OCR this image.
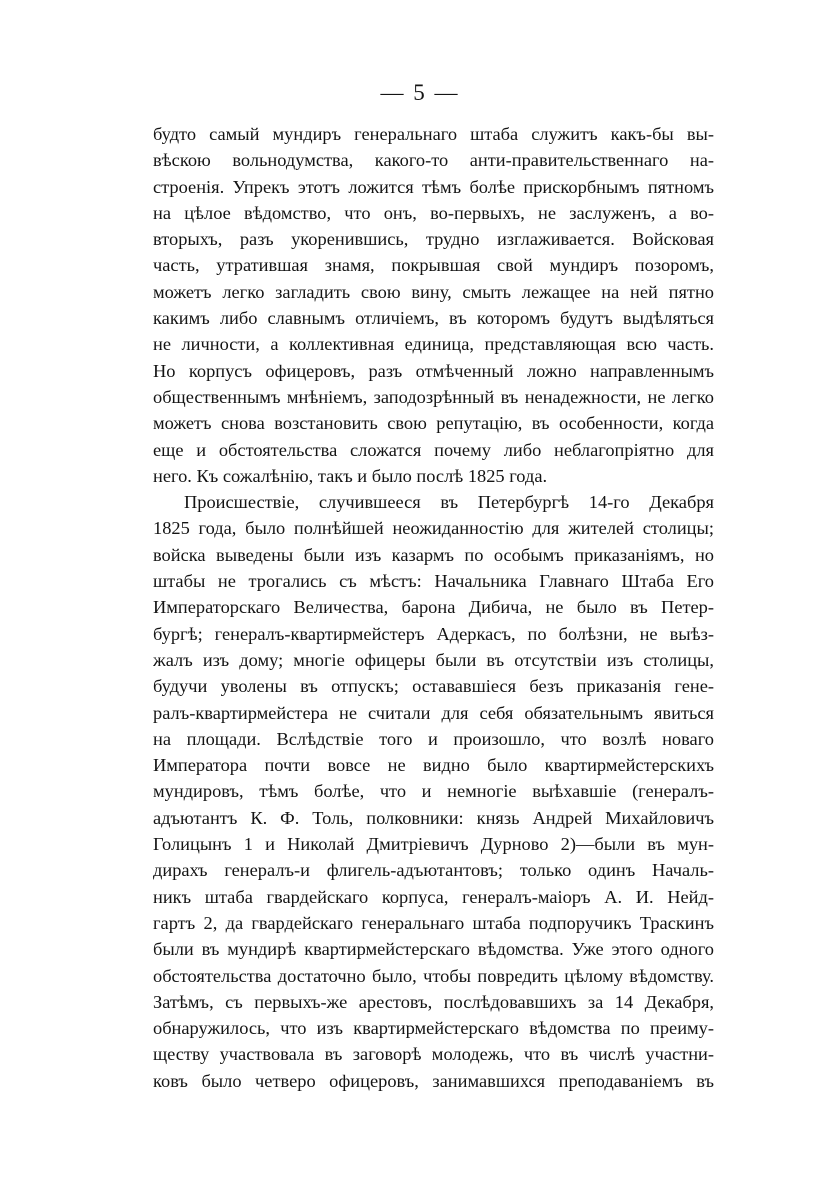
— 5 —
будто самый мундиръ генеральнаго штаба служитъ какъ-бы вы-
вѣскою вольнодумства, какого-то анти-правительственнаго на-
строенія. Упрекъ этотъ ложится тѣмъ болѣе прискорбнымъ пятномъ
на цѣлое вѣдомство, что онъ, во-первыхъ, не заслуженъ, а во-
вторыхъ, разъ укоренившись, трудно изглаживается. Войсковая
часть, утратившая знамя, покрывшая свой мундиръ позоромъ,
можетъ легко загладить свою вину, смыть лежащее на ней пятно
какимъ либо славнымъ отличіемъ, въ которомъ будутъ выдѣляться
не личности, а коллективная единица, представляющая всю часть.
Но корпусъ офицеровъ, разъ отмѣченный ложно направленнымъ
общественнымъ мнѣніемъ, заподозрѣнный въ ненадежности, не легко
можетъ снова возстановить свою репутацію, въ особенности, когда
еще и обстоятельства сложатся почему либо неблагопріятно для
него. Къ сожалѣнію, такъ и было послѣ 1825 года.
Происшествіе, случившееся въ Петербургѣ 14-го Декабря
1825 года, было полнѣйшей неожиданностію для жителей столицы;
войска выведены были изъ казармъ по особымъ приказаніямъ, но
штабы не трогались съ мѣстъ: Начальника Главнаго Штаба Его
Императорскаго Величества, барона Дибича, не было въ Петер-
бургѣ; генералъ-квартирмейстеръ Адеркасъ, по болѣзни, не выѣз-
жалъ изъ дому; многіе офицеры были въ отсутствіи изъ столицы,
будучи уволены въ отпускъ; остававшіеся безъ приказанія гене-
ралъ-квартирмейстера не считали для себя обязательнымъ явиться
на площади. Вслѣдствіе того и произошло, что возлѣ новаго
Императора почти вовсе не видно было квартирмейстерскихъ
мундировъ, тѣмъ болѣе, что и немногіе выѣхавшіе (генералъ-
адъютантъ К. Ф. Толь, полковники: князь Андрей Михайловичъ
Голицынъ 1 и Николай Дмитріевичъ Дурново 2)—были въ мун-
дирахъ генералъ-и флигель-адъютантовъ; только одинъ Началь-
никъ штаба гвардейскаго корпуса, генералъ-маіоръ А. И. Нейд-
гартъ 2, да гвардейскаго генеральнаго штаба подпоручикъ Траскинъ
были въ мундирѣ квартирмейстерскаго вѣдомства. Уже этого одного
обстоятельства достаточно было, чтобы повредить цѣлому вѣдомству.
Затѣмъ, съ первыхъ-же арестовъ, послѣдовавшихъ за 14 Декабря,
обнаружилось, что изъ квартирмейстерскаго вѣдомства по преиму-
ществу участвовала въ заговорѣ молодежь, что въ числѣ участни-
ковъ было четверо офицеровъ, занимавшихся преподаваніемъ въ
